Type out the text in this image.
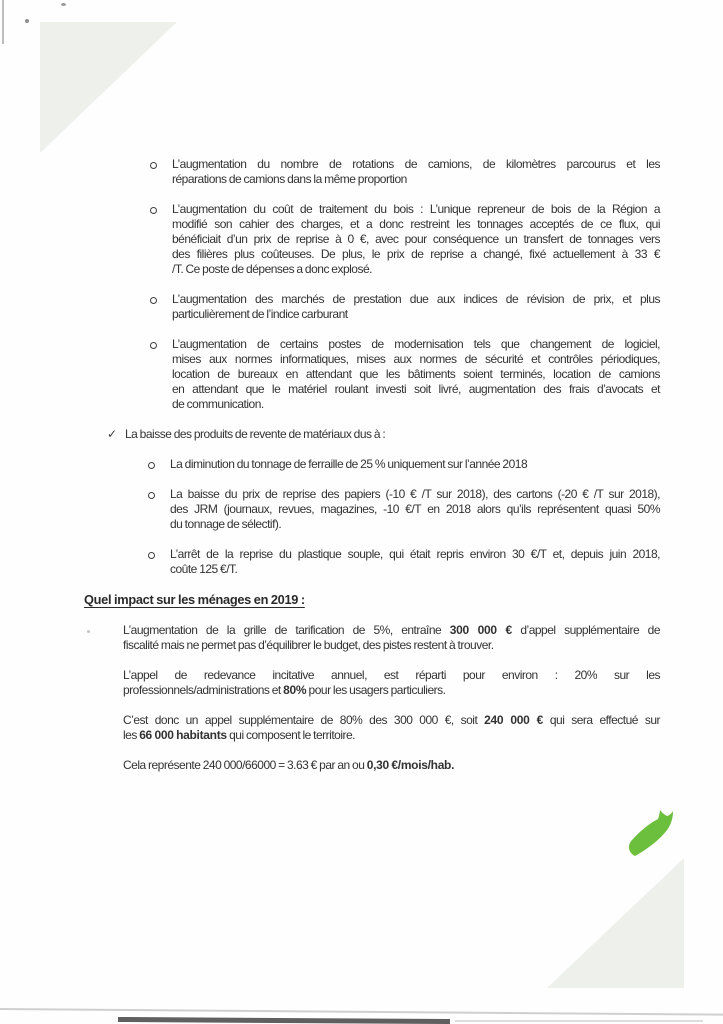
L’augmentation du nombre de rotations de camions, de kilomètres parcourus et les
réparations de camions dans la même proportion
L’augmentation du coût de traitement du bois : L’unique repreneur de bois de la Région a
modifié son cahier des charges, et a donc restreint les tonnages acceptés de ce flux, qui
bénéficiait d’un prix de reprise à 0 €, avec pour conséquence un transfert de tonnages vers
des filières plus coûteuses. De plus, le prix de reprise a changé, fixé actuellement à 33 €
/T. Ce poste de dépenses a donc explosé.
L’augmentation des marchés de prestation due aux indices de révision de prix, et plus
particulièrement de l’indice carburant
L’augmentation de certains postes de modernisation tels que changement de logiciel,
mises aux normes informatiques, mises aux normes de sécurité et contrôles périodiques,
location de bureaux en attendant que les bâtiments soient terminés, location de camions
en attendant que le matériel roulant investi soit livré, augmentation des frais d’avocats et
de communication.
✓ La baisse des produits de revente de matériaux dus à :
La diminution du tonnage de ferraille de 25 % uniquement sur l’année 2018
La baisse du prix de reprise des papiers (-10 € /T sur 2018), des cartons (-20 € /T sur 2018),
des JRM (journaux, revues, magazines, -10 €/T en 2018 alors qu’ils représentent quasi 50%
du tonnage de sélectif).
L’arrêt de la reprise du plastique souple, qui était repris environ 30 €/T et, depuis juin 2018,
coûte 125 €/T.
Quel impact sur les ménages en 2019 :
L’augmentation de la grille de tarification de 5%, entraîne 300 000 € d’appel supplémentaire de
fiscalité mais ne permet pas d’équilibrer le budget, des pistes restent à trouver.
L’appel de redevance incitative annuel, est réparti pour environ : 20% sur les
professionnels/administrations et 80% pour les usagers particuliers.
C’est donc un appel supplémentaire de 80% des 300 000 €, soit 240 000 € qui sera effectué sur
les 66 000 habitants qui composent le territoire.
Cela représente 240 000/66000 = 3.63 € par an ou 0,30 €/mois/hab.
